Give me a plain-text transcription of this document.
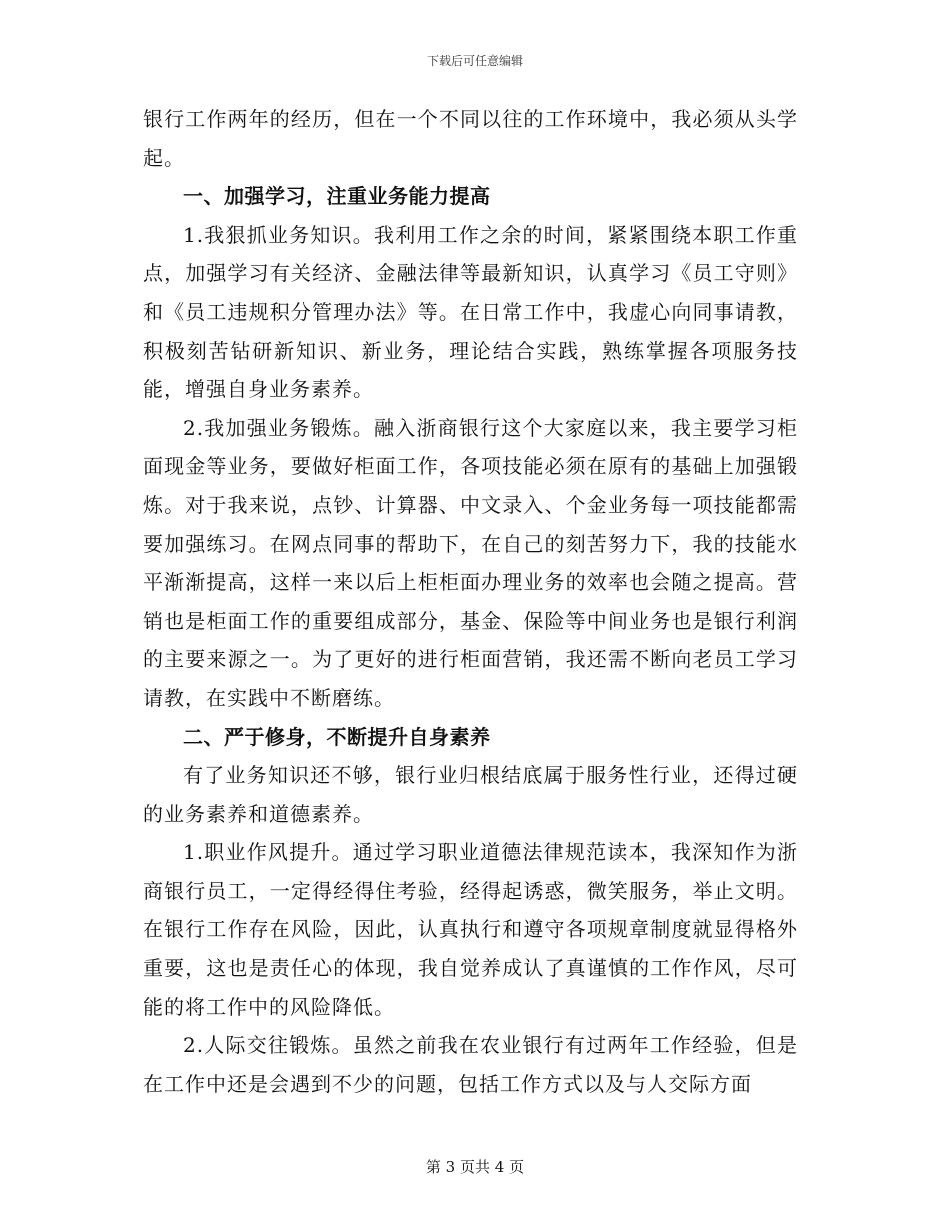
下载后可任意编辑

银行工作两年的经历，但在一个不同以往的工作环境中，我必须从头学起。

一、加强学习，注重业务能力提高

1.我狠抓业务知识。我利用工作之余的时间，紧紧围绕本职工作重点，加强学习有关经济、金融法律等最新知识，认真学习《员工守则》和《员工违规积分管理办法》等。在日常工作中，我虚心向同事请教，积极刻苦钻研新知识、新业务，理论结合实践，熟练掌握各项服务技能，增强自身业务素养。

2.我加强业务锻炼。融入浙商银行这个大家庭以来，我主要学习柜面现金等业务，要做好柜面工作，各项技能必须在原有的基础上加强锻炼。对于我来说，点钞、计算器、中文录入、个金业务每一项技能都需要加强练习。在网点同事的帮助下，在自己的刻苦努力下，我的技能水平渐渐提高，这样一来以后上柜柜面办理业务的效率也会随之提高。营销也是柜面工作的重要组成部分，基金、保险等中间业务也是银行利润的主要来源之一。为了更好的进行柜面营销，我还需不断向老员工学习请教，在实践中不断磨练。

二、严于修身，不断提升自身素养

有了业务知识还不够，银行业归根结底属于服务性行业，还得过硬的业务素养和道德素养。

1.职业作风提升。通过学习职业道德法律规范读本，我深知作为浙商银行员工，一定得经得住考验，经得起诱惑，微笑服务，举止文明。在银行工作存在风险，因此，认真执行和遵守各项规章制度就显得格外重要，这也是责任心的体现，我自觉养成认了真谨慎的工作作风，尽可能的将工作中的风险降低。

2.人际交往锻炼。虽然之前我在农业银行有过两年工作经验，但是在工作中还是会遇到不少的问题，包括工作方式以及与人交际方面

第 3 页共 4 页
